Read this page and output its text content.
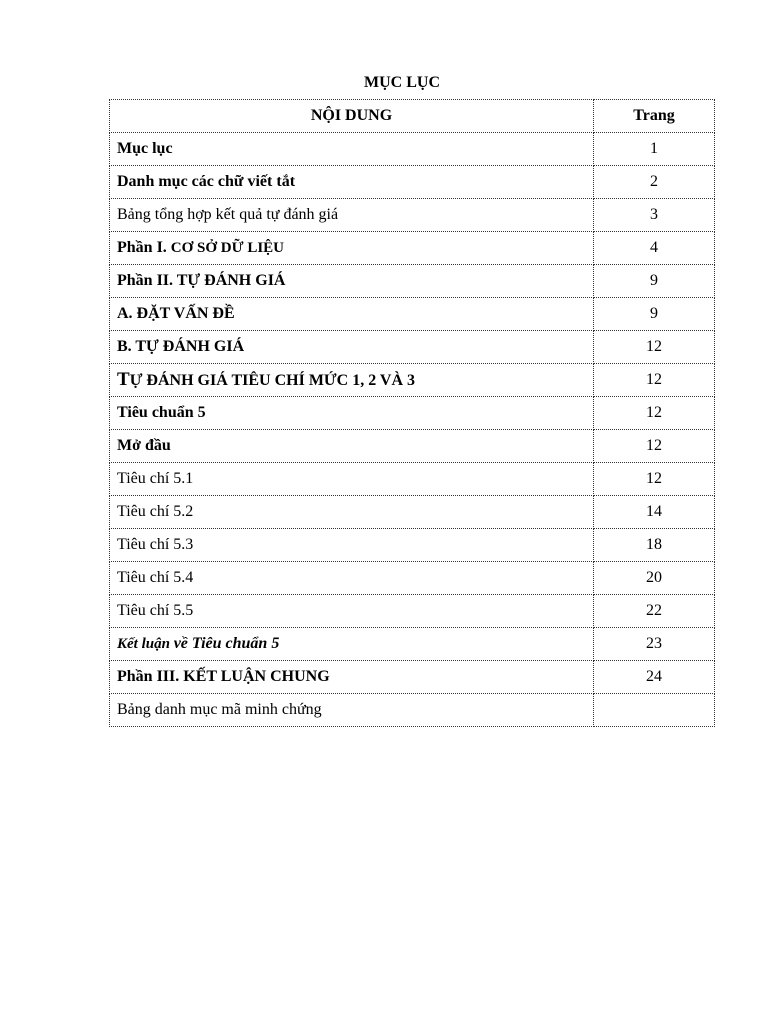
MỤC LỤC
NỘI DUNG	Trang
Mục lục	1
Danh mục các chữ viết tắt	2
Bảng tổng hợp kết quả tự đánh giá	3
Phần I. CƠ SỞ DỮ LIỆU	4
Phần II. TỰ ĐÁNH GIÁ	9
A. ĐẶT VẤN ĐỀ	9
B. TỰ ĐÁNH GIÁ	12
TỰ ĐÁNH GIÁ TIÊU CHÍ MỨC 1, 2 VÀ 3	12
Tiêu chuẩn 5	12
Mở đầu	12
Tiêu chí 5.1	12
Tiêu chí 5.2	14
Tiêu chí 5.3	18
Tiêu chí 5.4	20
Tiêu chí 5.5	22
Kết luận về Tiêu chuẩn 5	23
Phần III. KẾT LUẬN CHUNG	24
Bảng danh mục mã minh chứng	
